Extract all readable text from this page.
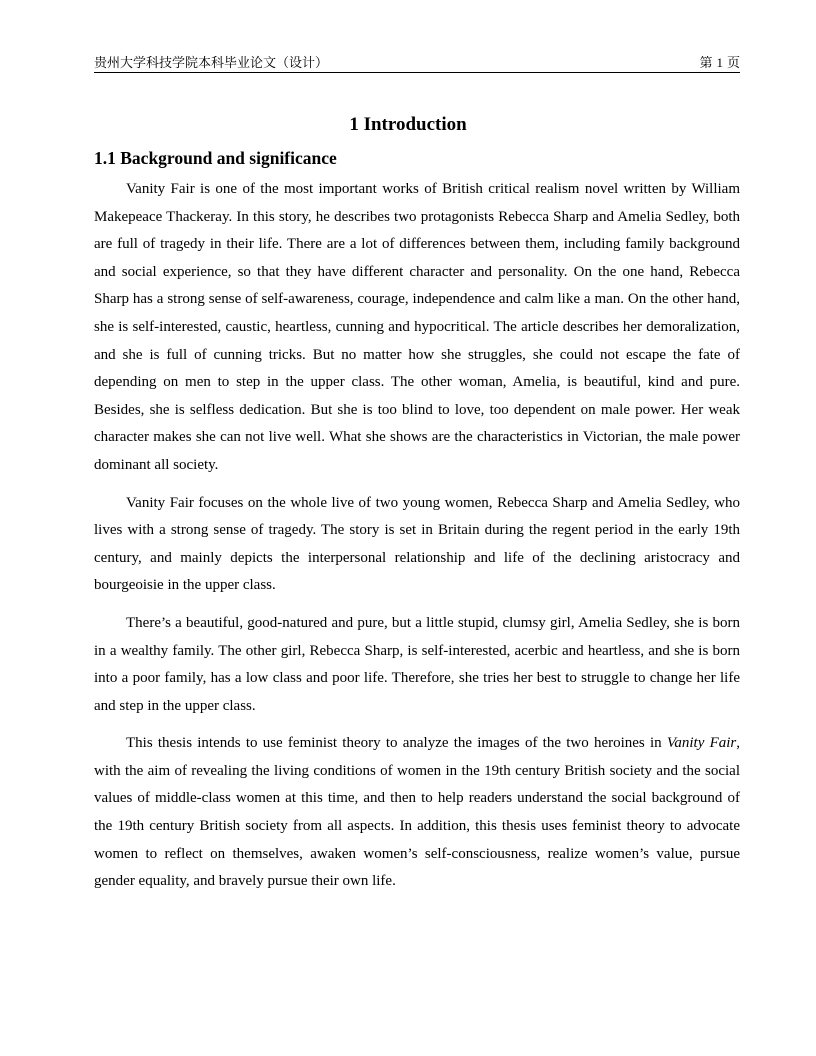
贵州大学科技学院本科毕业论文（设计）	第 1 页
1 Introduction
1.1 Background and significance

Vanity Fair is one of the most important works of British critical realism novel written by William Makepeace Thackeray. In this story, he describes two protagonists Rebecca Sharp and Amelia Sedley, both are full of tragedy in their life. There are a lot of differences between them, including family background and social experience, so that they have different character and personality. On the one hand, Rebecca Sharp has a strong sense of self-awareness, courage, independence and calm like a man. On the other hand, she is self-interested, caustic, heartless, cunning and hypocritical. The article describes her demoralization, and she is full of cunning tricks. But no matter how she struggles, she could not escape the fate of depending on men to step in the upper class. The other woman, Amelia, is beautiful, kind and pure. Besides, she is selfless dedication. But she is too blind to love, too dependent on male power. Her weak character makes she can not live well. What she shows are the characteristics in Victorian, the male power dominant all society.

Vanity Fair focuses on the whole live of two young women, Rebecca Sharp and Amelia Sedley, who lives with a strong sense of tragedy. The story is set in Britain during the regent period in the early 19th century, and mainly depicts the interpersonal relationship and life of the declining aristocracy and bourgeoisie in the upper class.

There’s a beautiful, good-natured and pure, but a little stupid, clumsy girl, Amelia Sedley, she is born in a wealthy family. The other girl, Rebecca Sharp, is self-interested, acerbic and heartless, and she is born into a poor family, has a low class and poor life. Therefore, she tries her best to struggle to change her life and step in the upper class.

This thesis intends to use feminist theory to analyze the images of the two heroines in Vanity Fair, with the aim of revealing the living conditions of women in the 19th century British society and the social values of middle-class women at this time, and then to help readers understand the social background of the 19th century British society from all aspects. In addition, this thesis uses feminist theory to advocate women to reflect on themselves, awaken women’s self-consciousness, realize women’s value, pursue gender equality, and bravely pursue their own life.
